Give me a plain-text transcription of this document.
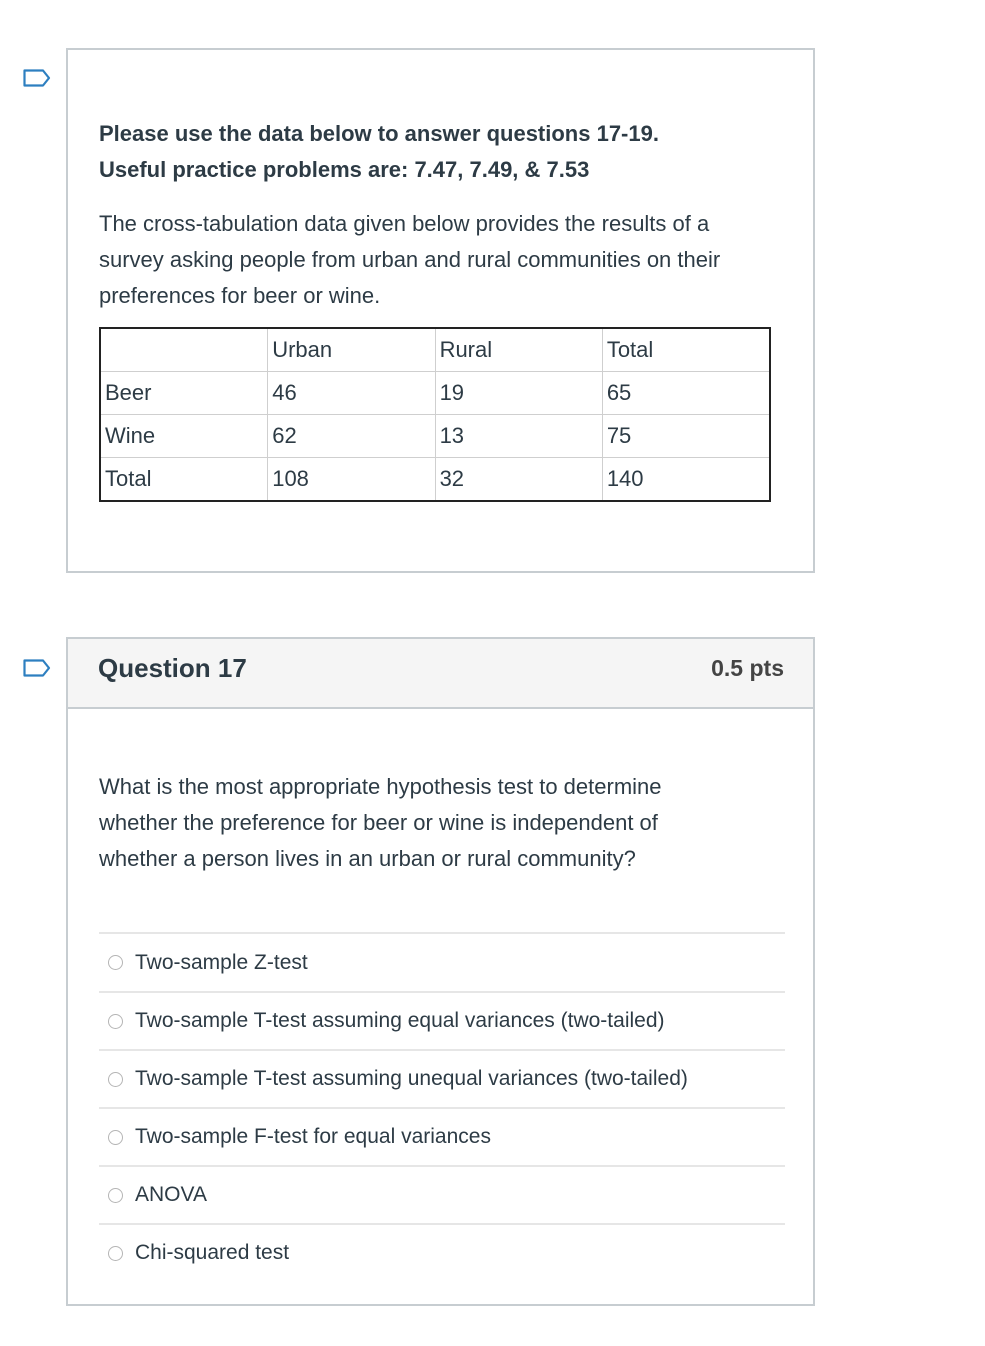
Please use the data below to answer questions 17-19.
Useful practice problems are: 7.47, 7.49, & 7.53

The cross-tabulation data given below provides the results of a survey asking people from urban and rural communities on their preferences for beer or wine.

	Urban	Rural	Total
Beer	46	19	65
Wine	62	13	75
Total	108	32	140
Question 17	0.5 pts
What is the most appropriate hypothesis test to determine whether the preference for beer or wine is independent of whether a person lives in an urban or rural community?
Two-sample Z-test
Two-sample T-test assuming equal variances (two-tailed)
Two-sample T-test assuming unequal variances (two-tailed)
Two-sample F-test for equal variances
ANOVA
Chi-squared test
